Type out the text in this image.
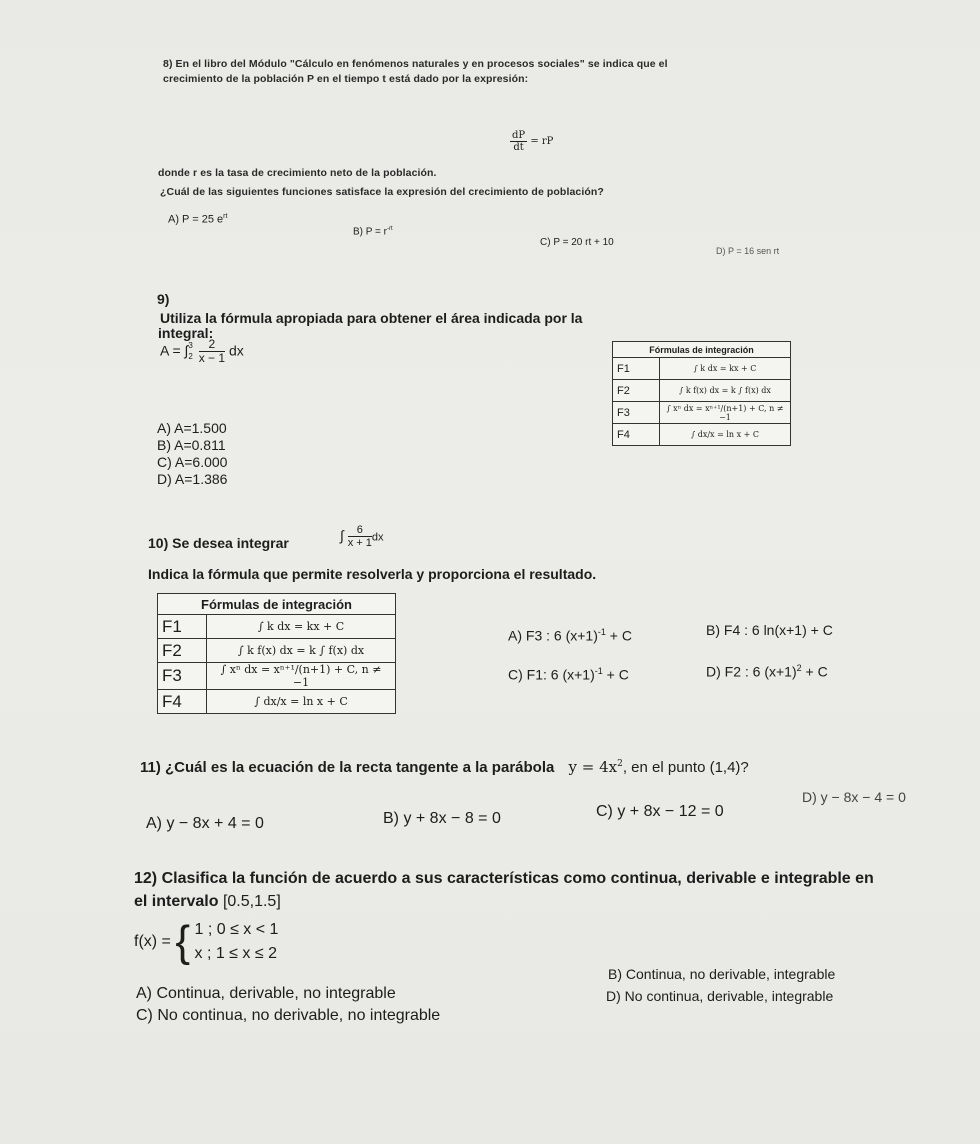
8) En el libro del Módulo "Cálculo en fenómenos naturales y en procesos sociales" se indica que el
crecimiento de la población P en el tiempo t está dado por la expresión:
$\frac{dP}{dt}$ = rP
donde r es la tasa de crecimiento neto de la población.
¿Cuál de las siguientes funciones satisface la expresión del crecimiento de población?
A) P = 25 $e^{rt}$
B) $P = r^{-rt}$
C) P = 20 rt + 10
D) P = 16 sen rt
9)
Utiliza la fórmula apropiada para obtener el área indicada por la
integral:
A = ∫ 3
2
$\frac{2}{x - 1}$ dx
A) A=1.500
B) A=0.811
C) A=6.000
D) A=1.386
Fórmulas de integración	
F1	∫ k dx = kx + C
F2	∫ k f(x) dx = k ∫ f(x) dx
F3	∫ xⁿ dx = xⁿ⁺¹/(n+1) + C, n ≠ −1
F4	∫ dx/x = ln x + C
10) Se desea integrar	∫ $\frac{6}{x + 1}$ dx
Indica la fórmula que permite resolverla y proporciona el resultado.
Fórmulas de integración	
F1	∫ k dx = kx + C
F2	∫ k f(x) dx = k ∫ f(x) dx
F3	∫ xⁿ dx = xⁿ⁺¹/(n+1) + C, n ≠ −1
F4	∫ dx/x = ln x + C
A) F3 : 6 $(x+1)^{-1} + C$	B) F4 : 6 ln(x+1) + C
C) F1: 6 $(x+1)^{-1} + C$	D) F2 : 6 $(x+1)^2 + C$
11) ¿Cuál es la ecuación de la recta tangente a la parábola $y = 4x^2$, en el punto (1,4)?
A) y − 8x + 4 = 0	B) y + 8x − 8 = 0	C) y + 8x − 12 = 0
D) y − 8x − 4 = 0
12) Clasifica la función de acuerdo a sus características como continua, derivable e integrable en
el intervalo [0.5,1.5]
f(x) = { 1 ; 0 ≤ x < 1
x ; 1 ≤ x ≤ 2
A) Continua, derivable, no integrable
B) Continua, no derivable, integrable
C) No continua, no derivable, no integrable
D) No continua, derivable, integrable
